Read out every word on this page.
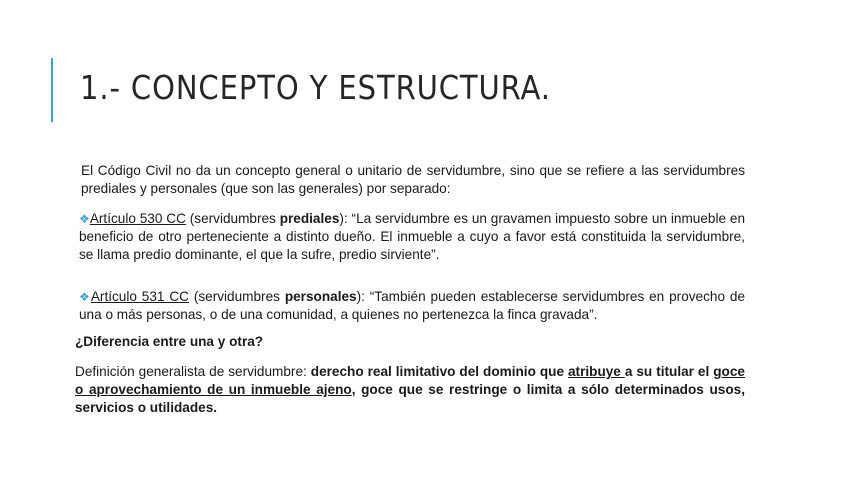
1.- CONCEPTO Y ESTRUCTURA.
El Código Civil no da un concepto general o unitario de servidumbre, sino que se refiere a las servidumbres prediales y personales (que son las generales) por separado:
❖Artículo 530 CC (servidumbres prediales): “La servidumbre es un gravamen impuesto sobre un inmueble en beneficio de otro perteneciente a distinto dueño. El inmueble a cuyo a favor está constituida la servidumbre, se llama predio dominante, el que la sufre, predio sirviente”.
❖Artículo 531 CC (servidumbres personales): “También pueden establecerse servidumbres en provecho de una o más personas, o de una comunidad, a quienes no pertenezca la finca gravada”.
¿Diferencia entre una y otra?
Definición generalista de servidumbre: derecho real limitativo del dominio que atribuye a su titular el goce o aprovechamiento de un inmueble ajeno, goce que se restringe o limita a sólo determinados usos, servicios o utilidades.
